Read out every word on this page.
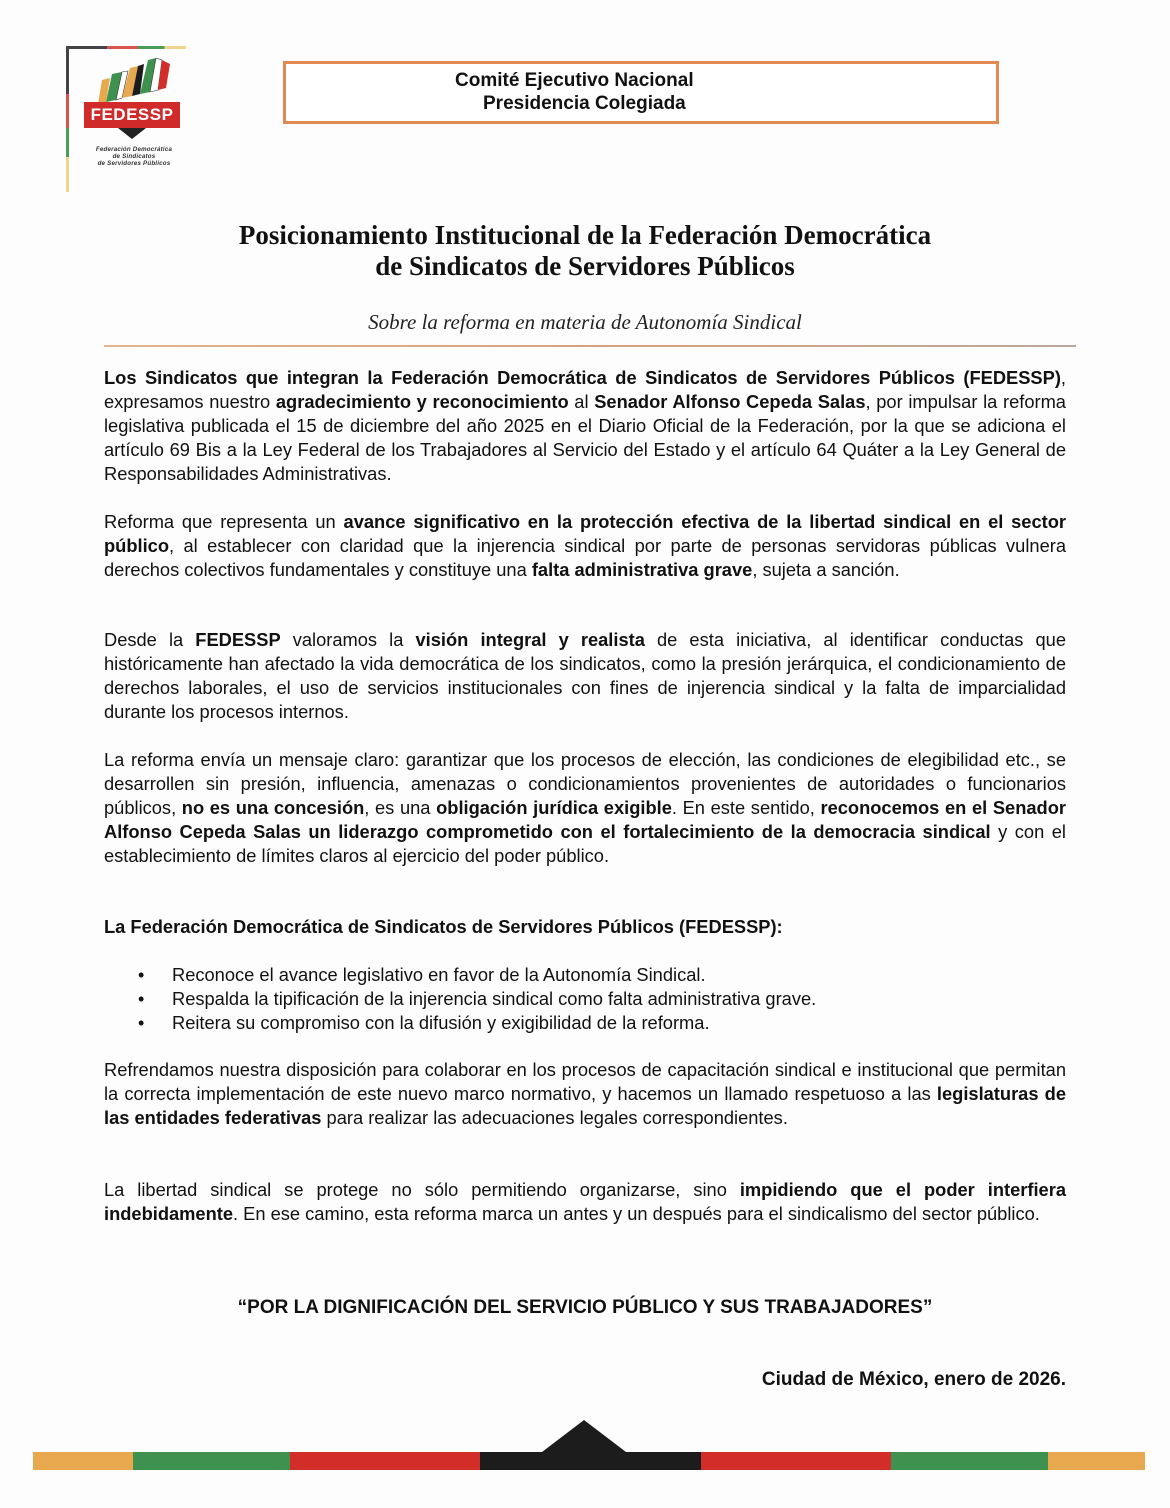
FEDESSP
Federación Democrática
de Sindicatos
de Servidores Públicos
Comité Ejecutivo Nacional
Presidencia Colegiada
Posicionamiento Institucional de la Federación Democrática
de Sindicatos de Servidores Públicos
Sobre la reforma en materia de Autonomía Sindical

Los Sindicatos que integran la Federación Democrática de Sindicatos de Servidores Públicos (FEDESSP), expresamos nuestro agradecimiento y reconocimiento al Senador Alfonso Cepeda Salas, por impulsar la reforma legislativa publicada el 15 de diciembre del año 2025 en el Diario Oficial de la Federación, por la que se adiciona el artículo 69 Bis a la Ley Federal de los Trabajadores al Servicio del Estado y el artículo 64 Quáter a la Ley General de Responsabilidades Administrativas.

Reforma que representa un avance significativo en la protección efectiva de la libertad sindical en el sector público, al establecer con claridad que la injerencia sindical por parte de personas servidoras públicas vulnera derechos colectivos fundamentales y constituye una falta administrativa grave, sujeta a sanción.

Desde la FEDESSP valoramos la visión integral y realista de esta iniciativa, al identificar conductas que históricamente han afectado la vida democrática de los sindicatos, como la presión jerárquica, el condicionamiento de derechos laborales, el uso de servicios institucionales con fines de injerencia sindical y la falta de imparcialidad durante los procesos internos.

La reforma envía un mensaje claro: garantizar que los procesos de elección, las condiciones de elegibilidad etc., se desarrollen sin presión, influencia, amenazas o condicionamientos provenientes de autoridades o funcionarios públicos, no es una concesión, es una obligación jurídica exigible. En este sentido, reconocemos en el Senador Alfonso Cepeda Salas un liderazgo comprometido con el fortalecimiento de la democracia sindical y con el establecimiento de límites claros al ejercicio del poder público.

La Federación Democrática de Sindicatos de Servidores Públicos (FEDESSP):

• Reconoce el avance legislativo en favor de la Autonomía Sindical.
• Respalda la tipificación de la injerencia sindical como falta administrativa grave.
• Reitera su compromiso con la difusión y exigibilidad de la reforma.

Refrendamos nuestra disposición para colaborar en los procesos de capacitación sindical e institucional que permitan la correcta implementación de este nuevo marco normativo, y hacemos un llamado respetuoso a las legislaturas de las entidades federativas para realizar las adecuaciones legales correspondientes.

La libertad sindical se protege no sólo permitiendo organizarse, sino impidiendo que el poder interfiera indebidamente. En ese camino, esta reforma marca un antes y un después para el sindicalismo del sector público.

“POR LA DIGNIFICACIÓN DEL SERVICIO PÚBLICO Y SUS TRABAJADORES”
Ciudad de México, enero de 2026.
